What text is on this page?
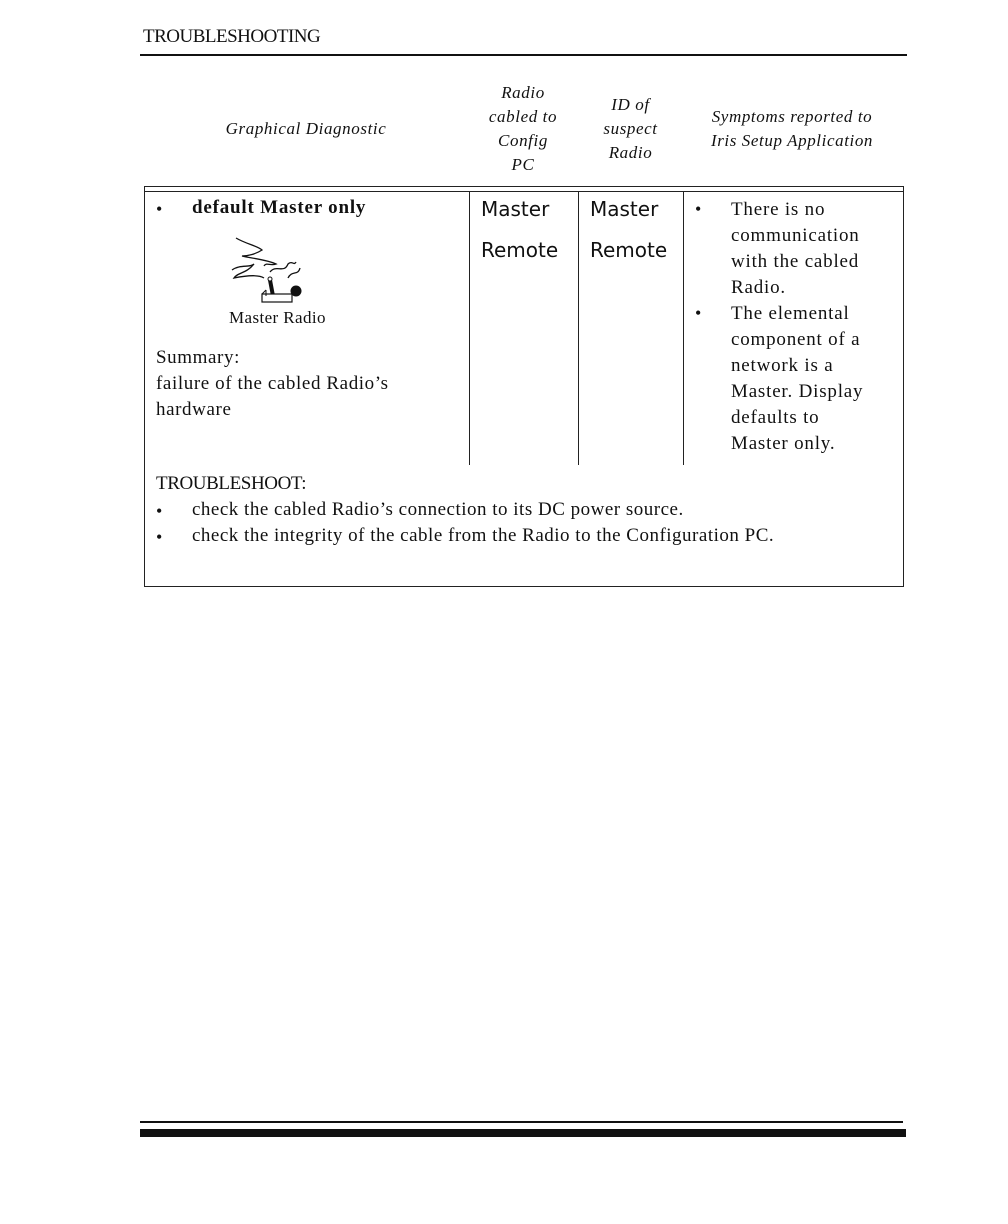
TROUBLESHOOTING
Graphical Diagnostic
Radio
cabled to
Config
PC
ID of
suspect
Radio
Symptoms reported to
Iris Setup Application
• default Master only
Master Radio
Summary:
failure of the cabled Radio’s
hardware
Master
Remote
Master
Remote
• There is no
communication
with the cabled
Radio.
• The elemental
component of a
network is a
Master. Display
defaults to
Master only.
TROUBLESHOOT:
• check the cabled Radio’s connection to its DC power source.
• check the integrity of the cable from the Radio to the Configuration PC.
